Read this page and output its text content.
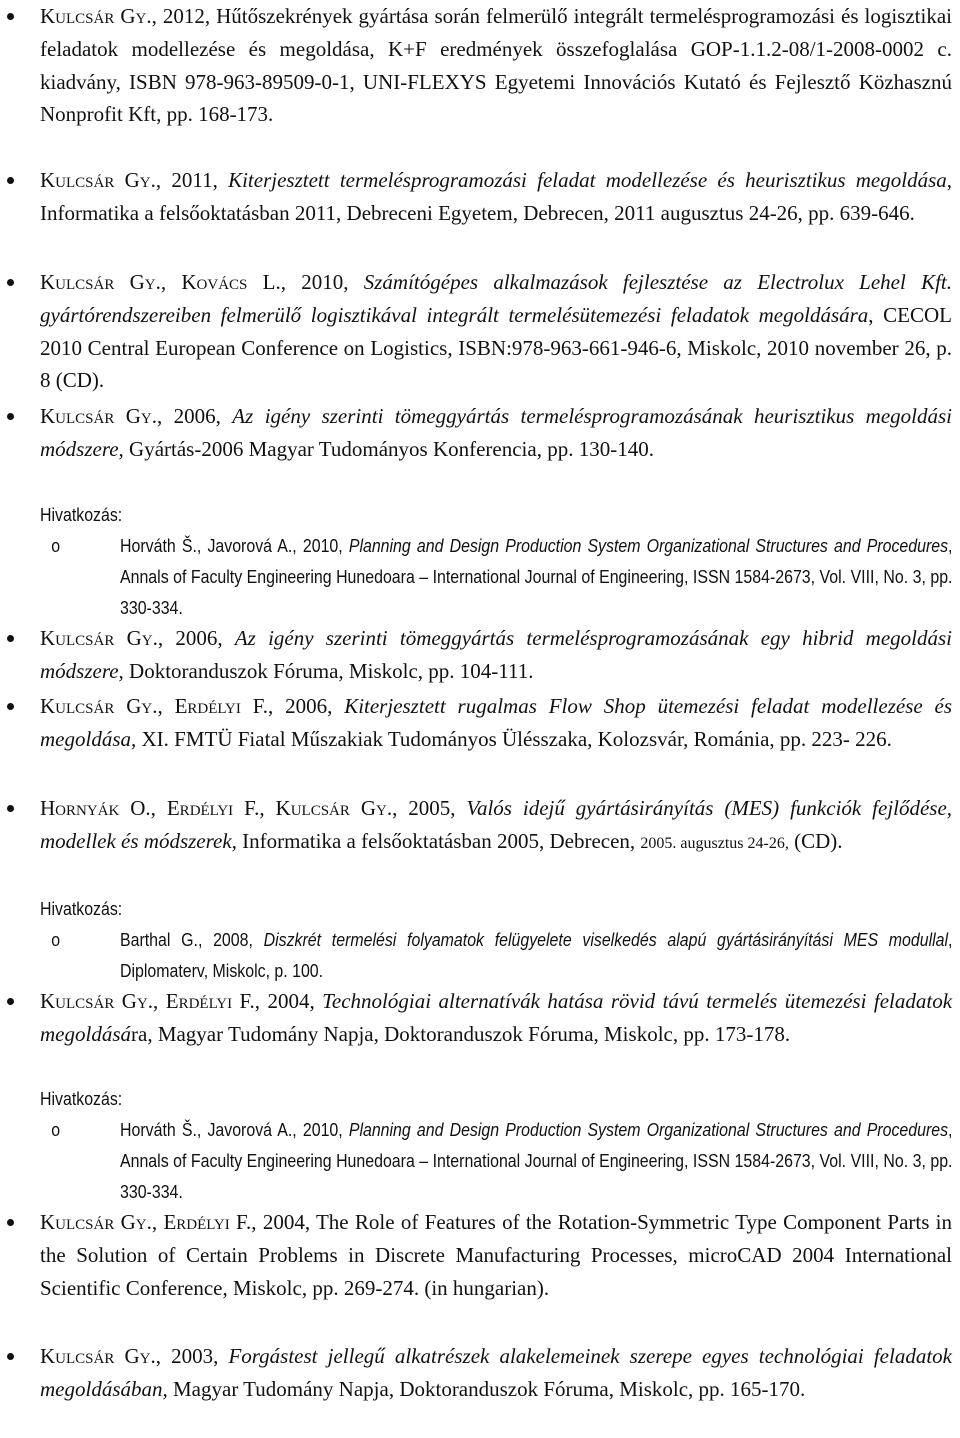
Kulcsár Gy., 2012, Hűtőszekrények gyártása során felmerülő integrált termelésprogramozási és logisztikai feladatok modellezése és megoldása, K+F eredmények összefoglalása GOP-1.1.2-08/1-2008-0002 c. kiadvány, ISBN 978-963-89509-0-1, UNI-FLEXYS Egyetemi Innovációs Kutató és Fejlesztő Közhasznú Nonprofit Kft, pp. 168-173.
Kulcsár Gy., 2011, Kiterjesztett termelésprogramozási feladat modellezése és heurisztikus megoldása, Informatika a felsőoktatásban 2011, Debreceni Egyetem, Debrecen, 2011 augusztus 24-26, pp. 639-646.
Kulcsár Gy., Kovács L., 2010, Számítógépes alkalmazások fejlesztése az Electrolux Lehel Kft. gyártórendszereiben felmerülő logisztikával integrált termelésütemezési feladatok megoldására, CECOL 2010 Central European Conference on Logistics, ISBN:978-963-661-946-6, Miskolc, 2010 november 26, p. 8 (CD).
Kulcsár Gy., 2006, Az igény szerinti tömeggyártás termelésprogramozásának heurisztikus megoldási módszere, Gyártás-2006 Magyar Tudományos Konferencia, pp. 130-140.
Hivatkozás:
o	Horváth Š., Javorová A., 2010, Planning and Design Production System Organizational Structures and Procedures, Annals of Faculty Engineering Hunedoara – International Journal of Engineering, ISSN 1584-2673, Vol. VIII, No. 3, pp. 330-334.
Kulcsár Gy., 2006, Az igény szerinti tömeggyártás termelésprogramozásának egy hibrid megoldási módszere, Doktoranduszok Fóruma, Miskolc, pp. 104-111.
Kulcsár Gy., Erdélyi F., 2006, Kiterjesztett rugalmas Flow Shop ütemezési feladat modellezése és megoldása, XI. FMTÜ Fiatal Műszakiak Tudományos Ülésszaka, Kolozsvár, Románia, pp. 223- 226.
Hornyák O., Erdélyi F., Kulcsár Gy., 2005, Valós idejű gyártásirányítás (MES) funkciók fejlődése, modellek és módszerek, Informatika a felsőoktatásban 2005, Debrecen, 2005. augusztus 24-26, (CD).
Hivatkozás:
o	Barthal G., 2008, Diszkrét termelési folyamatok felügyelete viselkedés alapú gyártásirányítási MES modullal, Diplomaterv, Miskolc, p. 100.
Kulcsár Gy., Erdélyi F., 2004, Technológiai alternatívák hatása rövid távú termelés ütemezési feladatok megoldására, Magyar Tudomány Napja, Doktoranduszok Fóruma, Miskolc, pp. 173-178.
Hivatkozás:
o	Horváth Š., Javorová A., 2010, Planning and Design Production System Organizational Structures and Procedures, Annals of Faculty Engineering Hunedoara – International Journal of Engineering, ISSN 1584-2673, Vol. VIII, No. 3, pp. 330-334.
Kulcsár Gy., Erdélyi F., 2004, The Role of Features of the Rotation-Symmetric Type Component Parts in the Solution of Certain Problems in Discrete Manufacturing Processes, microCAD 2004 International Scientific Conference, Miskolc, pp. 269-274. (in hungarian).
Kulcsár Gy., 2003, Forgástest jellegű alkatrészek alakelemeinek szerepe egyes technológiai feladatok megoldásában, Magyar Tudomány Napja, Doktoranduszok Fóruma, Miskolc, pp. 165-170.
